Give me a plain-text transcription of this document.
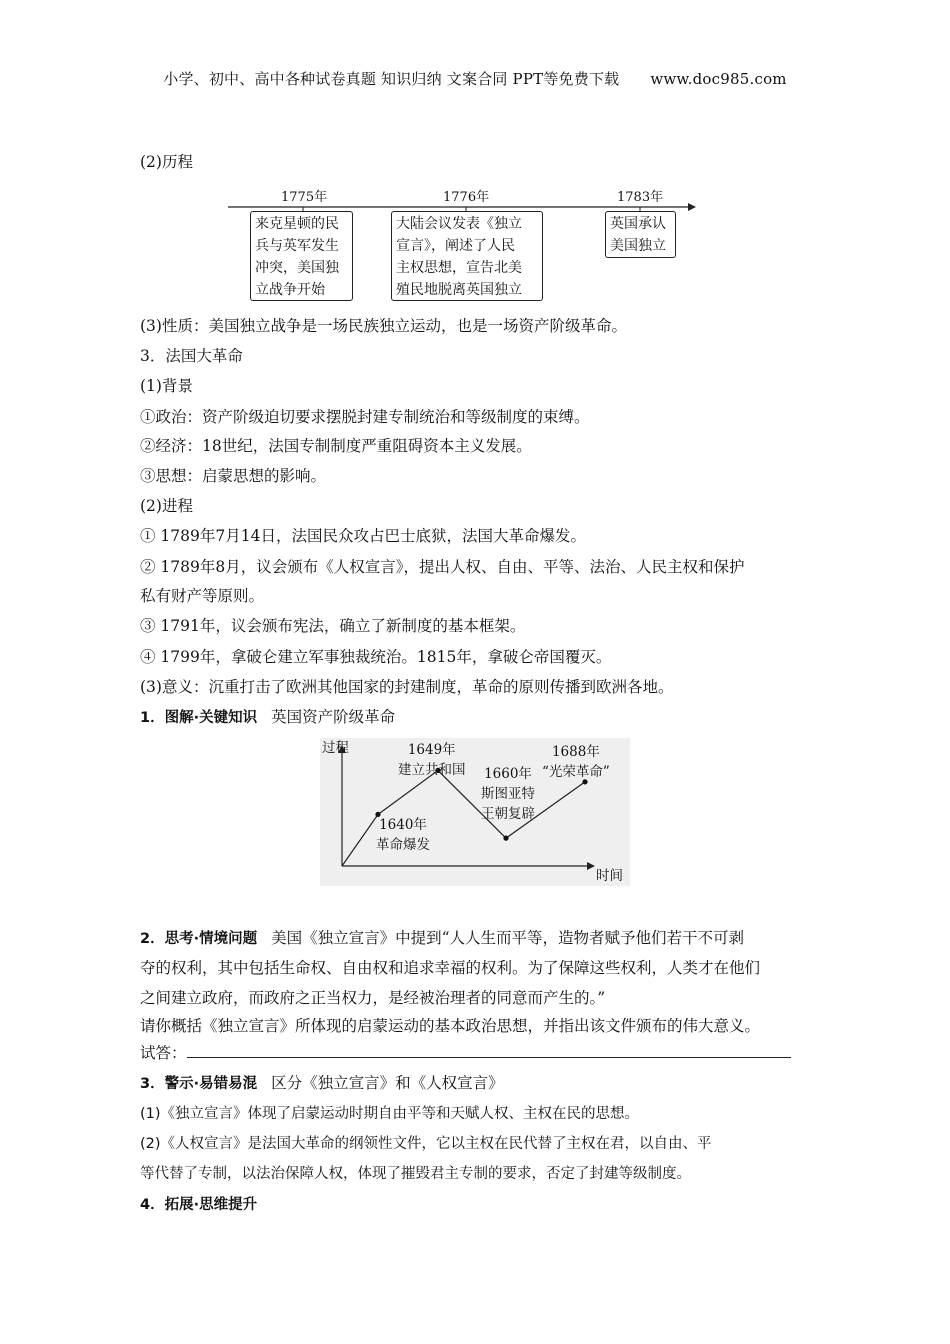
小学、初中、高中各种试卷真题 知识归纳 文案合同 PPT等免费下载 www.doc985.com
(2)历程
1775年	1776年	1783年
来克星顿的民
兵与英军发生
冲突，美国独
立战争开始
大陆会议发表《独立
宣言》，阐述了人民
主权思想，宣告北美
殖民地脱离英国独立
英国承认
美国独立
(3)性质：美国独立战争是一场民族独立运动，也是一场资产阶级革命。
3．法国大革命
(1)背景
①政治：资产阶级迫切要求摆脱封建专制统治和等级制度的束缚。
②经济：18世纪，法国专制制度严重阻碍资本主义发展。
③思想：启蒙思想的影响。
(2)进程
① 1789年7月14日，法国民众攻占巴士底狱，法国大革命爆发。
② 1789年8月，议会颁布《人权宣言》，提出人权、自由、平等、法治、人民主权和保护
私有财产等原则。
③ 1791年，议会颁布宪法，确立了新制度的基本框架。
④ 1799年，拿破仑建立军事独裁统治。1815年，拿破仑帝国覆灭。
(3)意义：沉重打击了欧洲其他国家的封建制度，革命的原则传播到欧洲各地。
1．图解·关键知识 英国资产阶级革命
过程
时间
1640年
革命爆发
1649年
建立共和国	1660年
斯图亚特王朝复辟
1688年
“光荣革命”
2．思考·情境问题 美国《独立宣言》中提到“人人生而平等，造物者赋予他们若干不可剥
夺的权利，其中包括生命权、自由权和追求幸福的权利。为了保障这些权利，人类才在他们
之间建立政府，而政府之正当权力，是经被治理者的同意而产生的。”
请你概括《独立宣言》所体现的启蒙运动的基本政治思想，并指出该文件颁布的伟大意义。
试答：
3．警示·易错易混 区分《独立宣言》和《人权宣言》
(1)《独立宣言》体现了启蒙运动时期自由平等和天赋人权、主权在民的思想。
(2)《人权宣言》是法国大革命的纲领性文件，它以主权在民代替了主权在君，以自由、平
等代替了专制，以法治保障人权，体现了摧毁君主专制的要求，否定了封建等级制度。
4．拓展·思维提升
